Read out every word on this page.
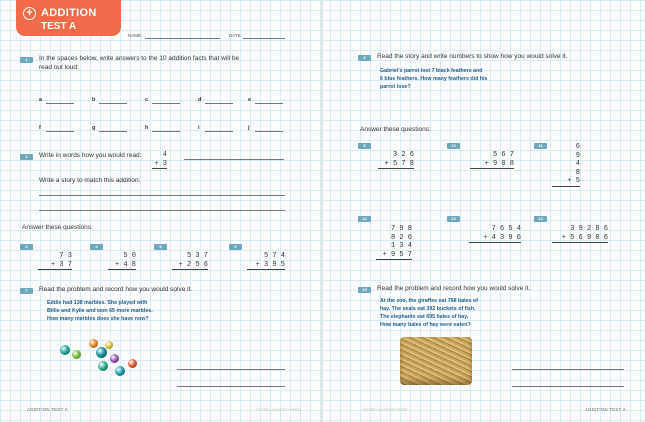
+ ADDITION
TEST A
NAME:	DATE:
1	In the spaces below, write answers to the 10 addition facts that will be
read out loud:
a	b	c	d	e
f	g	h	i	j
2	Write in words how you would read:	4
+ 3
Write a story to match this addition:
Answer these questions:
3
7 3
+ 3 7
4
5 0
+ 4 8
5
5 3 7
+ 2 5 6
6
5 7 4
+ 3 9 5
7	Read the problem and record how you would solve it.
Eddie had 138 marbles. She played with
Billie and Kylie and won 65 more marbles.
How many marbles does she have now?
ADDITION TEST A	OXFORD UNIVERSITY PRESS
8	Read the story and write numbers to show how you would solve it.
Gabriel’s parrot lost 7 black feathers and
6 blue feathers. How many feathers did his
parrot lose?
Answer these questions:
9
3 2 6
+ 5 7 8
10
5 6 7
+ 9 0 8
11	6
9
4
8
+ 5
12
7 9 8
8 2 6
1 3 4
+ 9 5 7
13
7 6 5 4
+ 4 3 9 6
14
3 9 2 8 6
+ 5 6 9 0 6
15	Read the problem and record how you would solve it.
At the zoo, the giraffes eat 768 bales of
hay. The seals eat 392 buckets of fish.
The elephants eat 695 bales of hay.
How many bales of hay were eaten?
OXFORD UNIVERSITY PRESS	ADDITION TEST A
